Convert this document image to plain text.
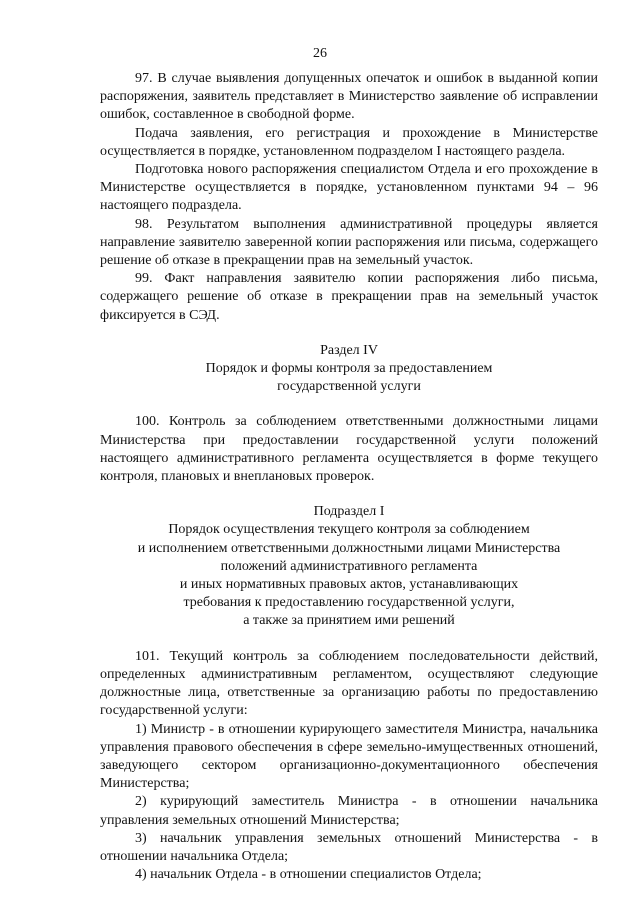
26

97. В случае выявления допущенных опечаток и ошибок в выданной копии распоряжения, заявитель представляет в Министерство заявление об исправлении ошибок, составленное в свободной форме.

Подача заявления, его регистрация и прохождение в Министерстве осуществляется в порядке, установленном подразделом I настоящего раздела.

Подготовка нового распоряжения специалистом Отдела и его прохождение в Министерстве осуществляется в порядке, установленном пунктами 94 – 96 настоящего подраздела.

98. Результатом выполнения административной процедуры является направление заявителю заверенной копии распоряжения или письма, содержащего решение об отказе в прекращении прав на земельный участок.

99. Факт направления заявителю копии распоряжения либо письма, содержащего решение об отказе в прекращении прав на земельный участок фиксируется в СЭД.

Раздел IV

Порядок и формы контроля за предоставлением

государственной услуги

100. Контроль за соблюдением ответственными должностными лицами Министерства при предоставлении государственной услуги положений настоящего административного регламента осуществляется в форме текущего контроля, плановых и внеплановых проверок.

Подраздел I

Порядок осуществления текущего контроля за соблюдением

и исполнением ответственными должностными лицами Министерства

положений административного регламента

и иных нормативных правовых актов, устанавливающих

требования к предоставлению государственной услуги,

а также за принятием ими решений

101. Текущий контроль за соблюдением последовательности действий, определенных административным регламентом, осуществляют следующие должностные лица, ответственные за организацию работы по предоставлению государственной услуги:

1) Министр - в отношении курирующего заместителя Министра, начальника управления правового обеспечения в сфере земельно-имущественных отношений, заведующего сектором организационно-документационного обеспечения Министерства;

2) курирующий заместитель Министра - в отношении начальника управления земельных отношений Министерства;

3) начальник управления земельных отношений Министерства - в отношении начальника Отдела;

4) начальник Отдела - в отношении специалистов Отдела;
